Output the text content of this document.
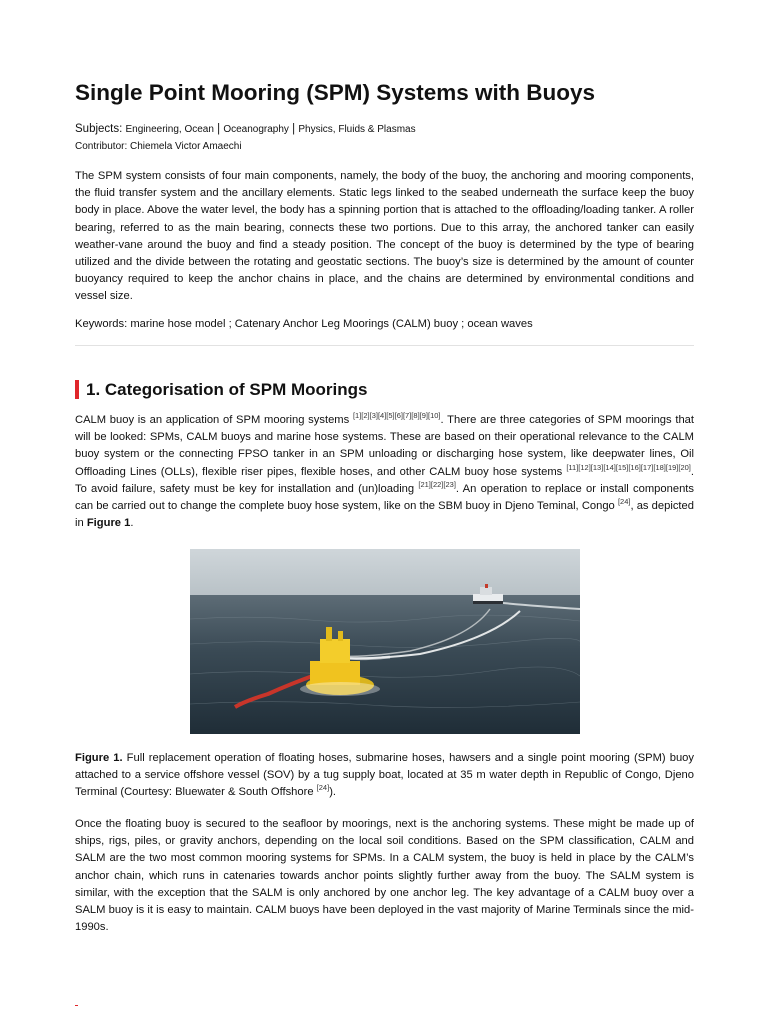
Single Point Mooring (SPM) Systems with Buoys
Subjects: Engineering, Ocean | Oceanography | Physics, Fluids & Plasmas
Contributor: Chiemela Victor Amaechi

The SPM system consists of four main components, namely, the body of the buoy, the anchoring and mooring components, the fluid transfer system and the ancillary elements. Static legs linked to the seabed underneath the surface keep the buoy body in place. Above the water level, the body has a spinning portion that is attached to the offloading/loading tanker. A roller bearing, referred to as the main bearing, connects these two portions. Due to this array, the anchored tanker can easily weather-vane around the buoy and find a steady position. The concept of the buoy is determined by the type of bearing utilized and the divide between the rotating and geostatic sections. The buoy’s size is determined by the amount of counter buoyancy required to keep the anchor chains in place, and the chains are determined by environmental conditions and vessel size.

Keywords: marine hose model ; Catenary Anchor Leg Moorings (CALM) buoy ; ocean waves
1. Categorisation of SPM Moorings

CALM buoy is an application of SPM mooring systems [1][2][3][4][5][6][7][8][9][10]. There are three categories of SPM moorings that will be looked: SPMs, CALM buoys and marine hose systems. These are based on their operational relevance to the CALM buoy system or the connecting FPSO tanker in an SPM unloading or discharging hose system, like deepwater lines, Oil Offloading Lines (OLLs), flexible riser pipes, flexible hoses, and other CALM buoy hose systems [11][12][13][14][15][16][17][18][19][20]. To avoid failure, safety must be key for installation and (un)loading [21][22][23]. An operation to replace or install components can be carried out to change the complete buoy hose system, like on the SBM buoy in Djeno Teminal, Congo [24], as depicted in Figure 1.

Figure 1. Full replacement operation of floating hoses, submarine hoses, hawsers and a single point mooring (SPM) buoy attached to a service offshore vessel (SOV) by a tug supply boat, located at 35 m water depth in Republic of Congo, Djeno Terminal (Courtesy: Bluewater & South Offshore [24]).

Once the floating buoy is secured to the seafloor by moorings, next is the anchoring systems. These might be made up of ships, rigs, piles, or gravity anchors, depending on the local soil conditions. Based on the SPM classification, CALM and SALM are the two most common mooring systems for SPMs. In a CALM system, the buoy is held in place by the CALM’s anchor chain, which runs in catenaries towards anchor points slightly further away from the buoy. The SALM system is similar, with the exception that the SALM is only anchored by one anchor leg. The key advantage of a CALM buoy over a SALM buoy is it is easy to maintain. CALM buoys have been deployed in the vast majority of Marine Terminals since the mid-1990s.
